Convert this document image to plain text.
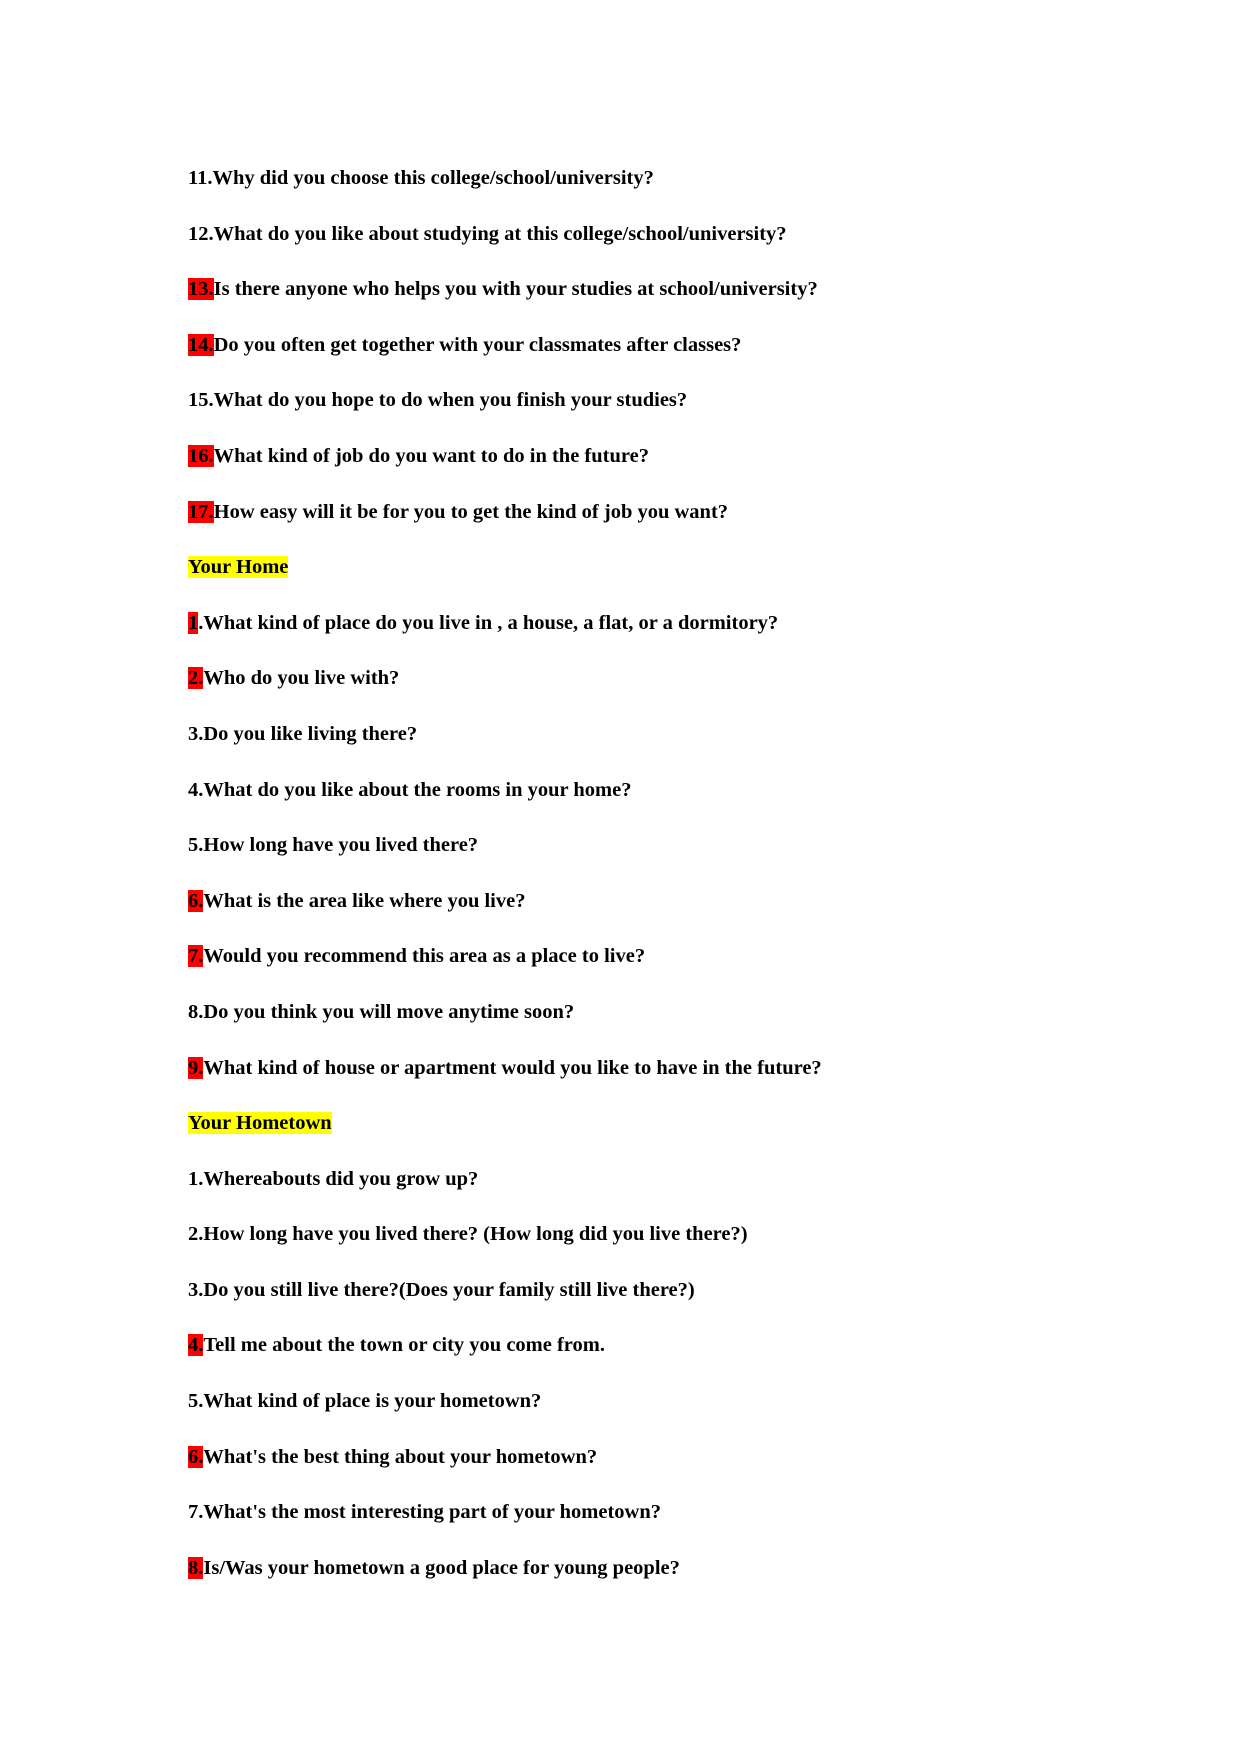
11.Why did you choose this college/school/university?
12.What do you like about studying at this college/school/university?
13.Is there anyone who helps you with your studies at school/university?
14.Do you often get together with your classmates after classes?
15.What do you hope to do when you finish your studies?
16.What kind of job do you want to do in the future?
17.How easy will it be for you to get the kind of job you want?
Your Home
1.What kind of place do you live in , a house, a flat, or a dormitory?
2.Who do you live with?
3.Do you like living there?
4.What do you like about the rooms in your home?
5.How long have you lived there?
6.What is the area like where you live?
7.Would you recommend this area as a place to live?
8.Do you think you will move anytime soon?
9.What kind of house or apartment would you like to have in the future?
Your Hometown
1.Whereabouts did you grow up?
2.How long have you lived there? (How long did you live there?)
3.Do you still live there?(Does your family still live there?)
4.Tell me about the town or city you come from.
5.What kind of place is your hometown?
6.What's the best thing about your hometown?
7.What's the most interesting part of your hometown?
8.Is/Was your hometown a good place for young people?
